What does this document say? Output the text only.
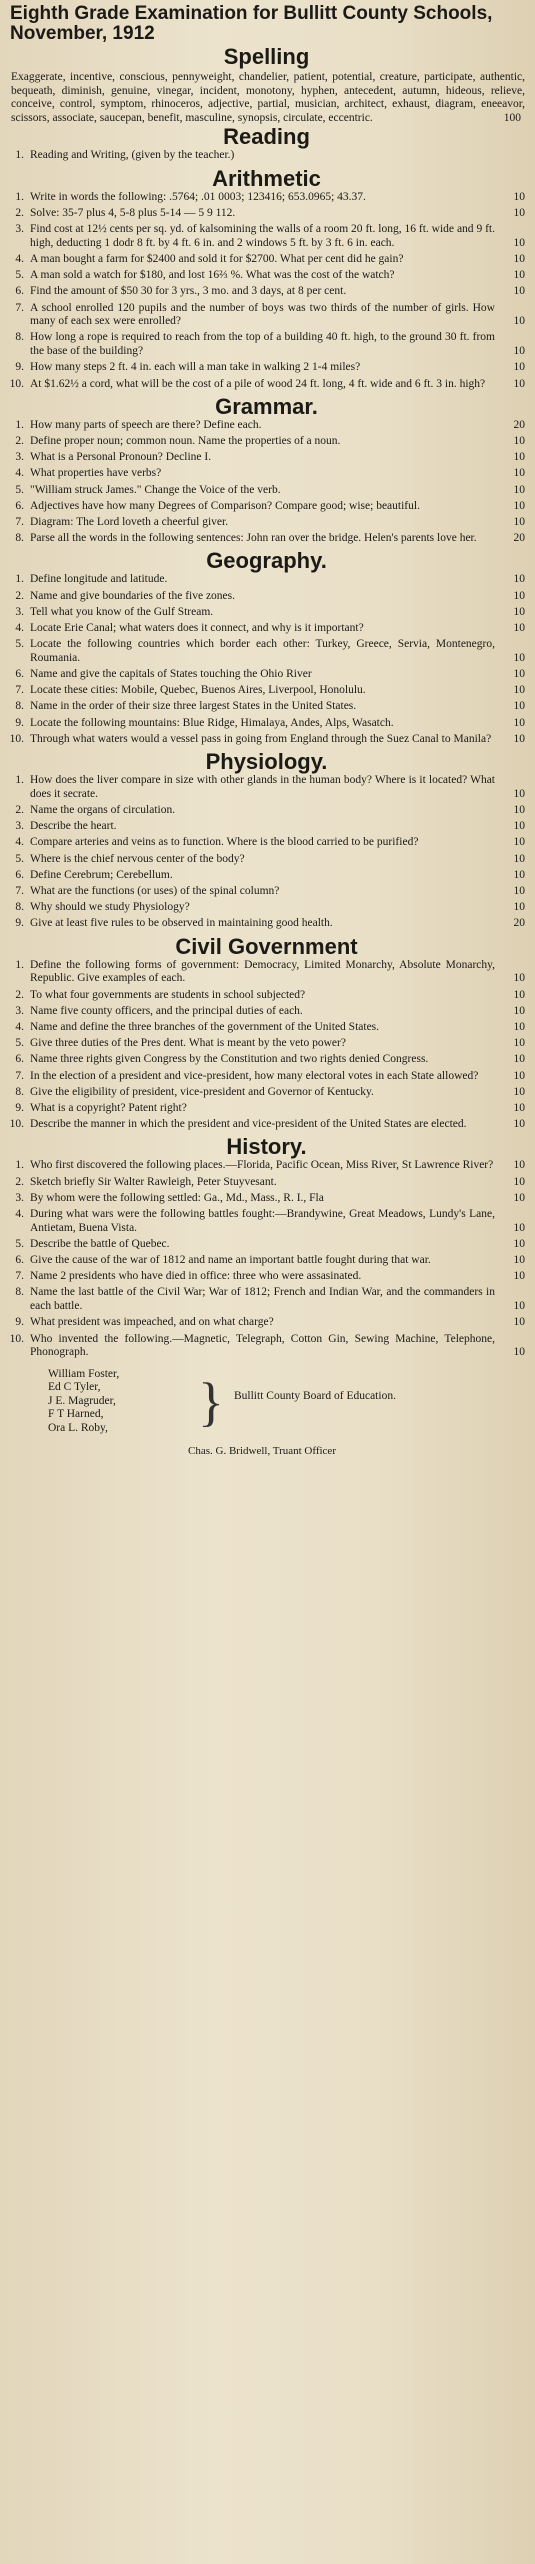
Eighth Grade Examination for Bullitt County Schools, November, 1912
Spelling
Exaggerate, incentive, conscious, pennyweight, chandelier, patient, potential, creature, participate, authentic, bequeath, diminish, genuine, vinegar, incident, monotony, hyphen, antecedent, autumn, hideous, relieve, conceive, control, symptom, rhinoceros, adjective, partial, musician, architect, exhaust, diagram, eneeavor, scissors, associate, saucepan, benefit, masculine, synopsis, circulate, eccentric.	100
Reading
1. Reading and Writing, (given by the teacher.)
Arithmetic
1. Write in words the following: .5764; .01 0003; 123416; 653.0965; 43.37.	10
2. Solve: 35-7 plus 4, 5-8 plus 5-14 — 5 9 112.	10
3. Find cost at 12½ cents per sq. yd. of kalsomining the walls of a room 20 ft. long, 16 ft. wide and 9 ft. high, deducting 1 dodr 8 ft. by 4 ft. 6 in. and 2 windows 5 ft. by 3 ft. 6 in. each.	10
4. A man bought a farm for $2400 and sold it for $2700. What per cent did he gain?	10
5. A man sold a watch for $180, and lost 16⅔ %. What was the cost of the watch?	10
6. Find the amount of $50 30 for 3 yrs., 3 mo. and 3 days, at 8 per cent.	10
7. A school enrolled 120 pupils and the number of boys was two thirds of the number of girls. How many of each sex were enrolled?	10
8. How long a rope is required to reach from the top of a building 40 ft. high, to the ground 30 ft. from the base of the building?	10
9. How many steps 2 ft. 4 in. each will a man take in walking 2 1-4 miles?	10
10. At $1.62½ a cord, what will be the cost of a pile of wood 24 ft. long, 4 ft. wide and 6 ft. 3 in. high?	10
Grammar.
1. How many parts of speech are there? Define each.	20
2. Define proper noun; common noun. Name the properties of a noun.	10
3. What is a Personal Pronoun? Decline I.	10
4. What properties have verbs?	10
5. "William struck James." Change the Voice of the verb.	10
6. Adjectives have how many Degrees of Comparison? Compare good; wise; beautiful.	10
7. Diagram: The Lord loveth a cheerful giver.	10
8. Parse all the words in the following sentences: John ran over the bridge. Helen's parents love her.	20
Geography.
1. Define longitude and latitude.	10
2. Name and give boundaries of the five zones.	10
3. Tell what you know of the Gulf Stream.	10
4. Locate Erie Canal; what waters does it connect, and why is it important?	10
5. Locate the following countries which border each other: Turkey, Greece, Servia, Montenegro, Roumania.	10
6. Name and give the capitals of States touching the Ohio River	10
7. Locate these cities: Mobile, Quebec, Buenos Aires, Liverpool, Honolulu.	10
8. Name in the order of their size three largest States in the United States.	10
9. Locate the following mountains: Blue Ridge, Himalaya, Andes, Alps, Wasatch.	10
10. Through what waters would a vessel pass in going from England through the Suez Canal to Manila?	10
Physiology.
1. How does the liver compare in size with other glands in the human body? Where is it located? What does it secrate.	10
2. Name the organs of circulation.	10
3. Describe the heart.	10
4. Compare arteries and veins as to function. Where is the blood carried to be purified?	10
5. Where is the chief nervous center of the body?	10
6. Define Cerebrum; Cerebellum.	10
7. What are the functions (or uses) of the spinal column?	10
8. Why should we study Physiology?	10
9. Give at least five rules to be observed in maintaining good health.	20
Civil Government
1. Define the following forms of government: Democracy, Limited Monarchy, Absolute Monarchy, Republic. Give examples of each.	10
2. To what four governments are students in school subjected?	10
3. Name five county officers, and the principal duties of each.	10
4. Name and define the three branches of the government of the United States.	10
5. Give three duties of the Pres dent. What is meant by the veto power?	10
6. Name three rights given Congress by the Constitution and two rights denied Congress.	10
7. In the election of a president and vice-president, how many electoral votes in each State allowed?	10
8. Give the eligibility of president, vice-president and Governor of Kentucky.	10
9. What is a copyright? Patent right?	10
10. Describe the manner in which the president and vice-president of the United States are elected.	10
History.
1. Who first discovered the following places.—Florida, Pacific Ocean, Miss River, St Lawrence River?	10
2. Sketch briefly Sir Walter Rawleigh, Peter Stuyvesant.	10
3. By whom were the following settled: Ga., Md., Mass., R. I., Fla	10
4. During what wars were the following battles fought:—Brandywine, Great Meadows, Lundy's Lane, Antietam, Buena Vista.	10
5. Describe the battle of Quebec.	10
6. Give the cause of the war of 1812 and name an important battle fought during that war.	10
7. Name 2 presidents who have died in office: three who were assasinated.	10
8. Name the last battle of the Civil War; War of 1812; French and Indian War, and the commanders in each battle.	10
9. What president was impeached, and on what charge?	10
10. Who invented the following.—Magnetic, Telegraph, Cotton Gin, Sewing Machine, Telephone, Phonograph.	10
William Foster,
Ed C Tyler,
J E. Magruder,
F T Harned,
Ora L. Roby,	} Bullitt County Board of Education.
Chas. G. Bridwell, Truant Officer
